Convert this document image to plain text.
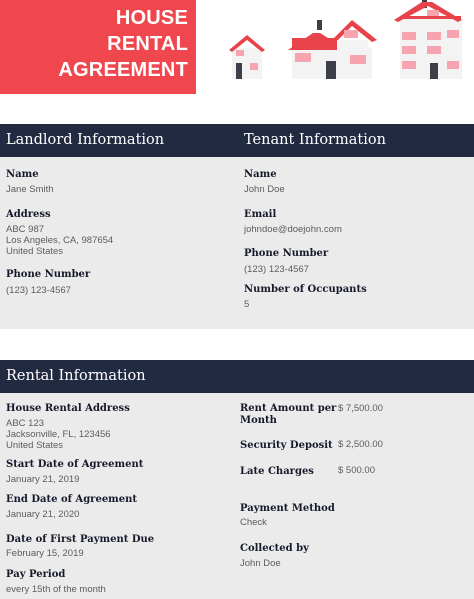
HOUSE
RENTAL
AGREEMENT
Landlord Information	Tenant Information
Name
Jane Smith
Address
ABC 987
Los Angeles, CA, 987654
United States
Phone Number
(123) 123-4567
Name
John Doe
Email
johndoe@doejohn.com
Phone Number
(123) 123-4567
Number of Occupants
5
Rental Information
House Rental Address
ABC 123
Jacksonville, FL, 123456
United States
Start Date of Agreement
January 21, 2019
End Date of Agreement
January 21, 2020
Date of First Payment Due
February 15, 2019
Pay Period
every 15th of the month
Rent Amount per
Month
$ 7,500.00
Security Deposit $ 2,500.00
Late Charges	$ 500.00
Payment Method
Check
Collected by
John Doe
